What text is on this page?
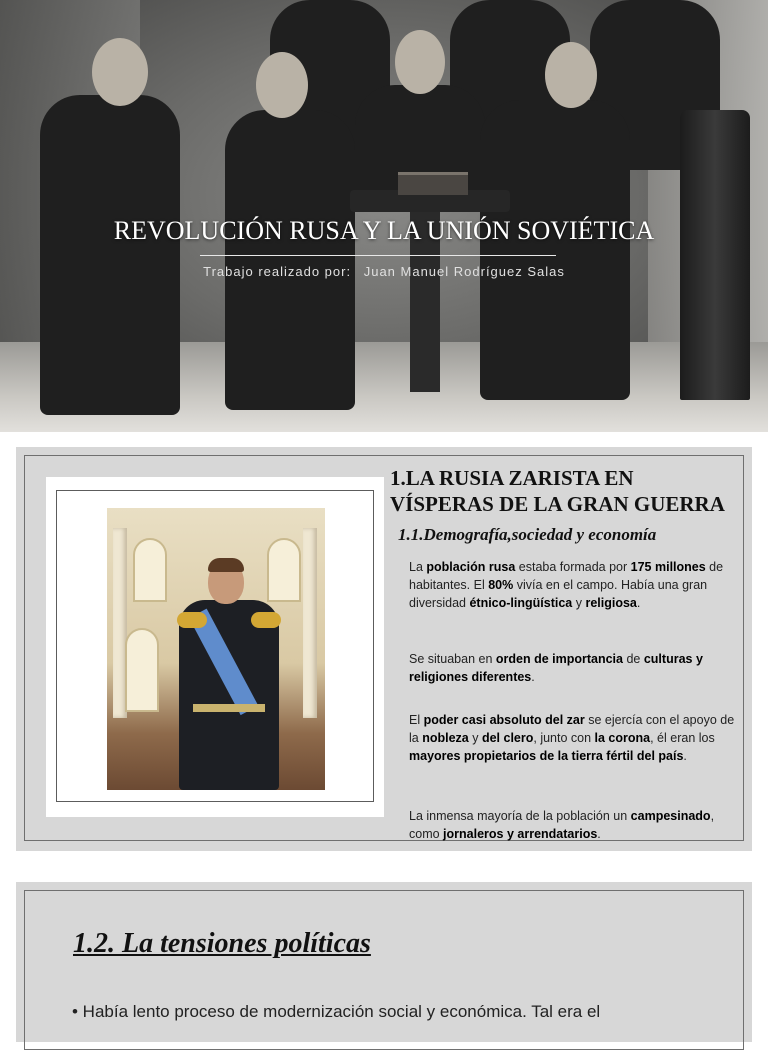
REVOLUCIÓN RUSA Y LA UNIÓN SOVIÉTICA
Trabajo realizado por: Juan Manuel Rodríguez Salas
1.LA RUSIA ZARISTA EN
VÍSPERAS DE LA GRAN GUERRA
1.1.Demografía,sociedad y economía
La población rusa estaba formada por 175 millones de habitantes. El 80% vivía en el campo. Había una gran diversidad étnico-lingüística y religiosa.
Se situaban en orden de importancia de culturas y religiones diferentes.
El poder casi absoluto del zar se ejercía con el apoyo de la nobleza y del clero, junto con la corona, él eran los mayores propietarios de la tierra fértil del país.
La inmensa mayoría de la población un campesinado, como jornaleros y arrendatarios.
1.2. La tensiones políticas
• Había lento proceso de modernización social y económica. Tal era el
